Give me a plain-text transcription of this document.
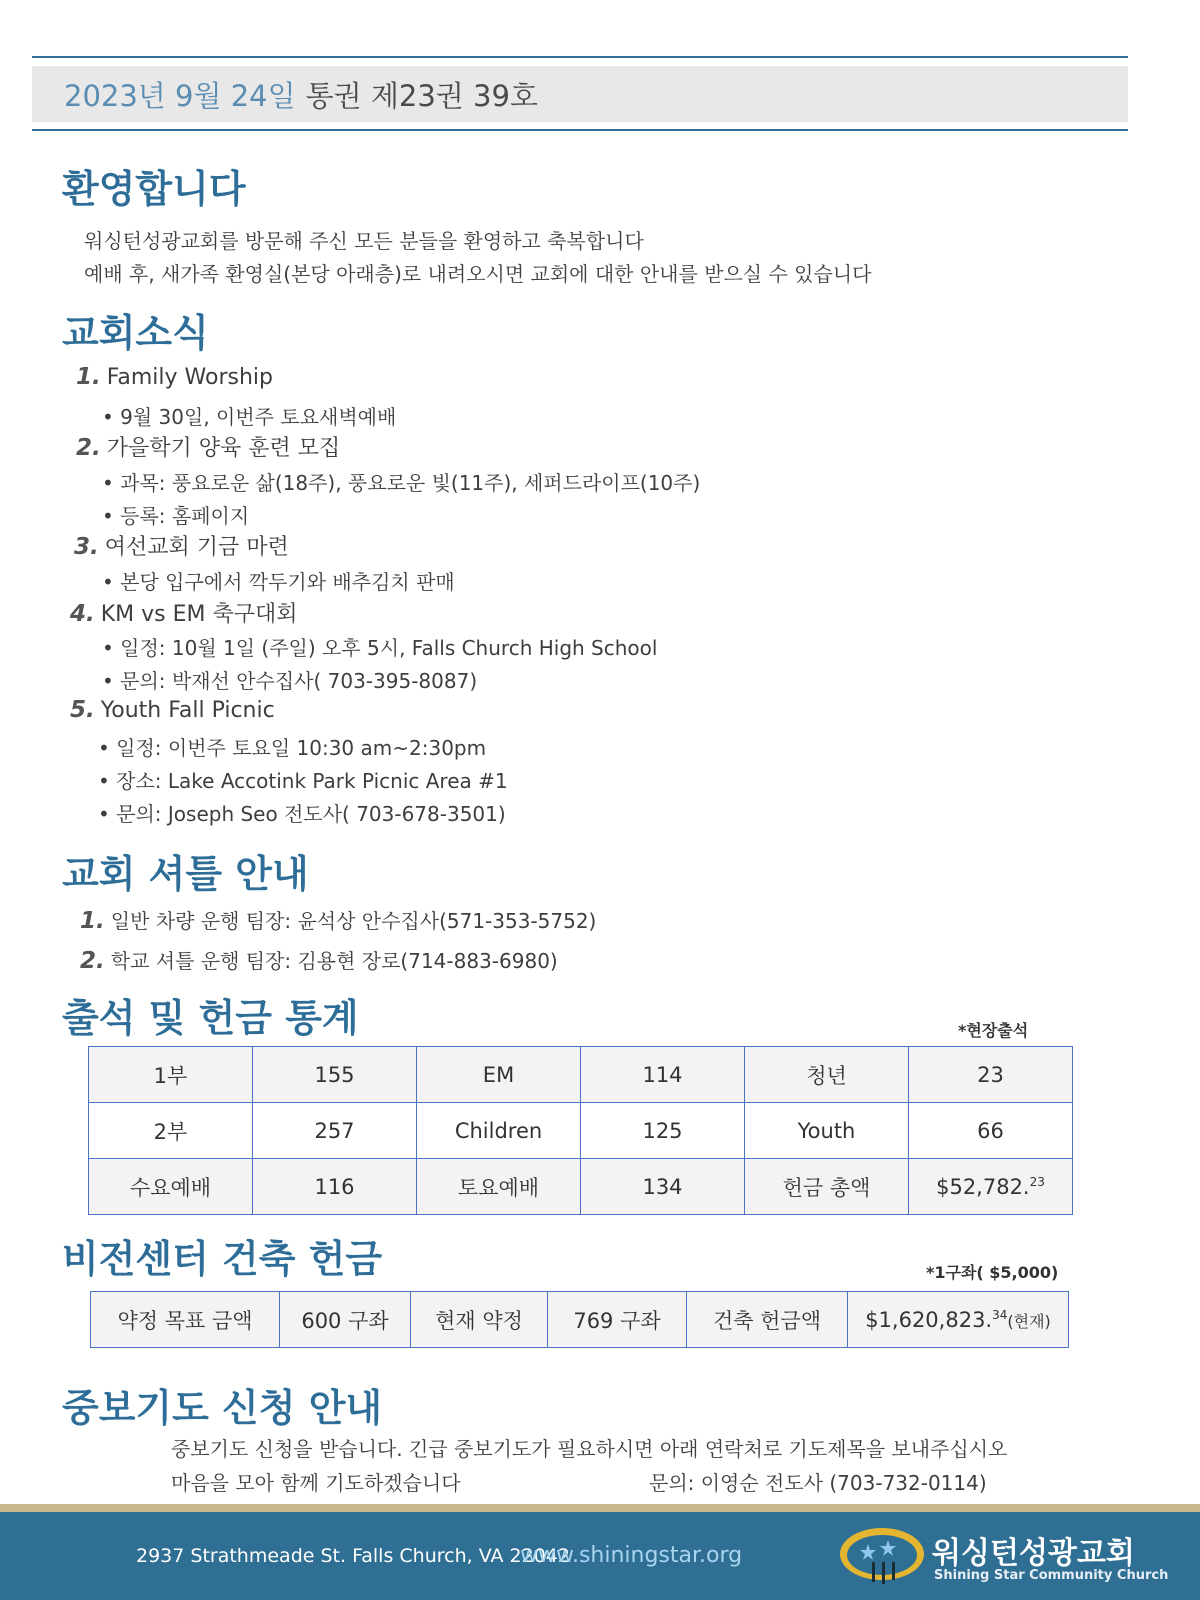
2023년 9월 24일 통권 제23권 39호
환영합니다
워싱턴성광교회를 방문해 주신 모든 분들을 환영하고 축복합니다
예배 후, 새가족 환영실(본당 아래층)로 내려오시면 교회에 대한 안내를 받으실 수 있습니다
교회소식
1. Family Worship
• 9월 30일, 이번주 토요새벽예배
2. 가을학기 양육 훈련 모집
• 과목: 풍요로운 삶(18주), 풍요로운 빛(11주), 세퍼드라이프(10주)
• 등록: 홈페이지
3. 여선교회 기금 마련
• 본당 입구에서 깍두기와 배추김치 판매
4. KM vs EM 축구대회
• 일정: 10월 1일 (주일) 오후 5시, Falls Church High School
• 문의: 박재선 안수집사( 703-395-8087)
5. Youth Fall Picnic
• 일정: 이번주 토요일 10:30 am~2:30pm
• 장소: Lake Accotink Park Picnic Area #1
• 문의: Joseph Seo 전도사( 703-678-3501)
교회 셔틀 안내
1. 일반 차량 운행 팀장: 윤석상 안수집사(571-353-5752)
2. 학교 셔틀 운행 팀장: 김용현 장로(714-883-6980)
출석 및 헌금 통계	*현장출석
1부	155	EM	114	청년	23
2부	257	Children	125	Youth	66
수요예배	116	토요예배	134	헌금 총액	$52,782.23
비전센터 건축 헌금	*1구좌( $5,000)
약정 목표 금액	600 구좌	현재 약정	769 구좌	건축 헌금액	$1,620,823.34(현재)
중보기도 신청 안내
중보기도 신청을 받습니다. 긴급 중보기도가 필요하시면 아래 연락처로 기도제목을 보내주십시오
마음을 모아 함께 기도하겠습니다	문의: 이영순 전도사 (703-732-0114)
2937 Strathmeade St. Falls Church, VA 22042
www.shiningstar.org	워싱턴성광교회
Shining Star Community Church
